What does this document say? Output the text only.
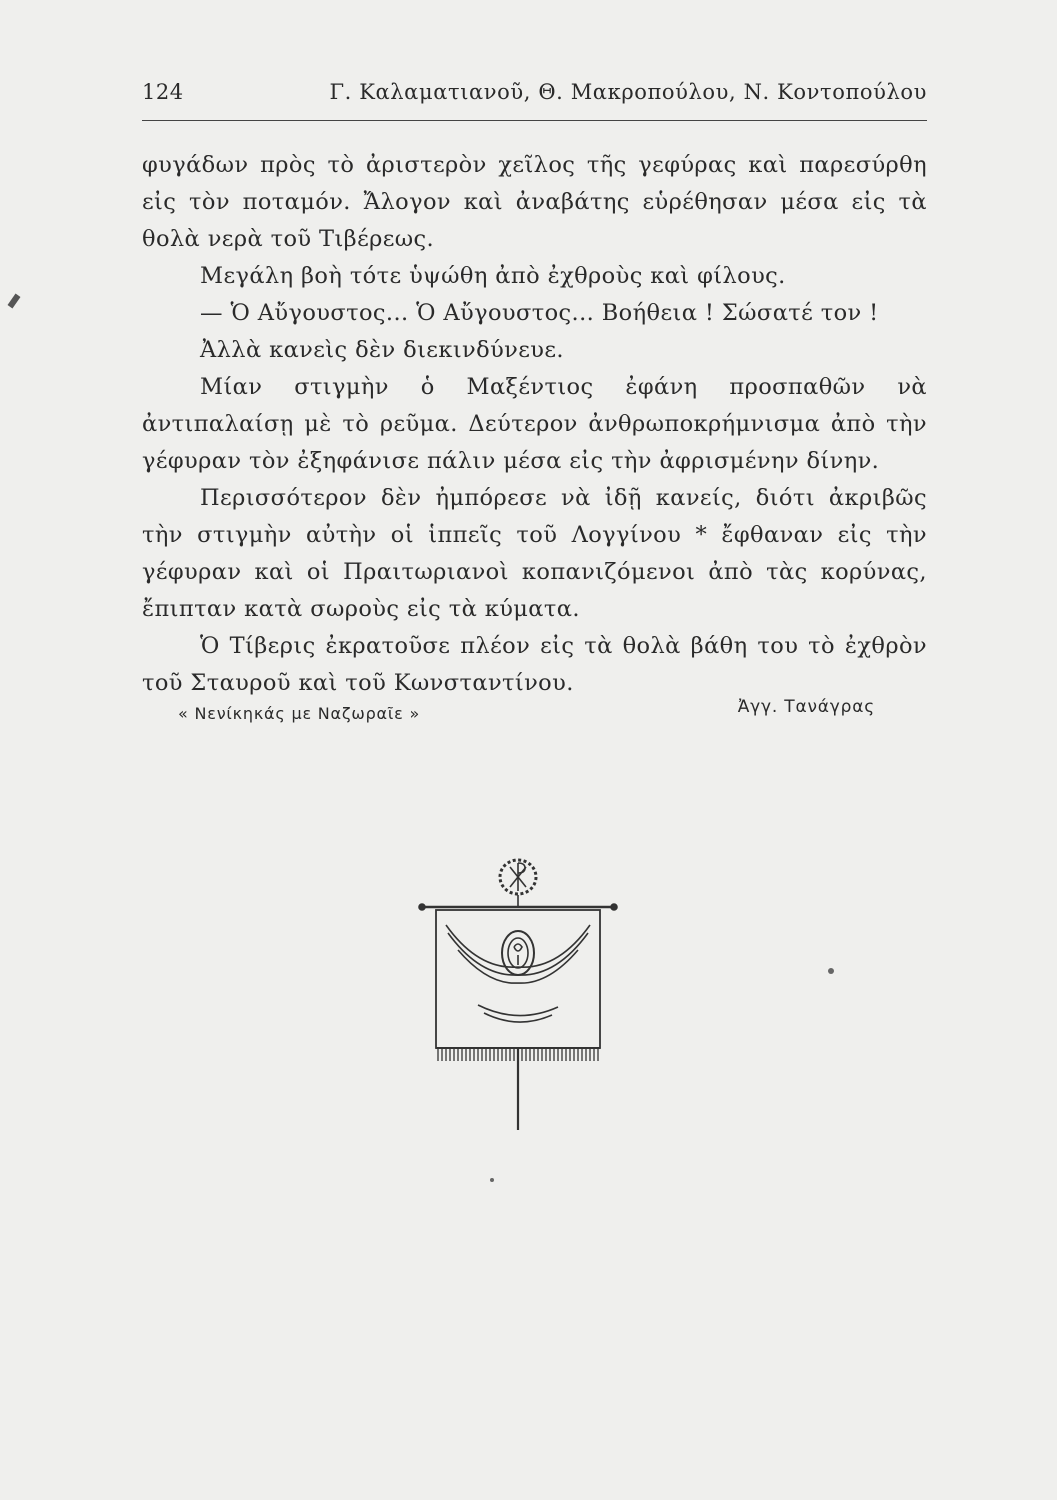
124	Γ. Καλαματιανοῦ, Θ. Μακροπούλου, Ν. Κοντοπούλου

φυγάδων πρὸς τὸ ἀριστερὸν χεῖλος τῆς γεφύρας καὶ παρεσύρθη εἰς τὸν ποταμόν. Ἄλογον καὶ ἀναβάτης εὑρέθησαν μέσα εἰς τὰ θολὰ νερὰ τοῦ Τιβέρεως.

Μεγάλη βοὴ τότε ὑψώθη ἀπὸ ἐχθροὺς καὶ φίλους.

— Ὁ Αὔγουστος... Ὁ Αὔγουστος... Βοήθεια ! Σώσατέ τον !

Ἀλλὰ κανεὶς δὲν διεκινδύνευε.

Μίαν στιγμὴν ὁ Μαξέντιος ἐφάνη προσπαθῶν νὰ ἀντιπαλαίσῃ μὲ τὸ ρεῦμα. Δεύτερον ἀνθρωποκρήμνισμα ἀπὸ τὴν γέφυραν τὸν ἐξηφάνισε πάλιν μέσα εἰς τὴν ἀφρισμένην δίνην.

Περισσότερον δὲν ἠμπόρεσε νὰ ἰδῇ κανείς, διότι ἀκριβῶς τὴν στιγμὴν αὐτὴν οἱ ἱππεῖς τοῦ Λογγίνου * ἔφθαναν εἰς τὴν γέφυραν καὶ οἱ Πραιτωριανοὶ κοπανιζόμενοι ἀπὸ τὰς κορύνας, ἔπιπταν κατὰ σωροὺς εἰς τὰ κύματα.

Ὁ Τίβερις ἐκρατοῦσε πλέον εἰς τὰ θολὰ βάθη του τὸ ἐχθρὸν τοῦ Σταυροῦ καὶ τοῦ Κωνσταντίνου.

« Νενίκηκάς με Ναζωραῖε »	Ἀγγ. Τανάγρας
